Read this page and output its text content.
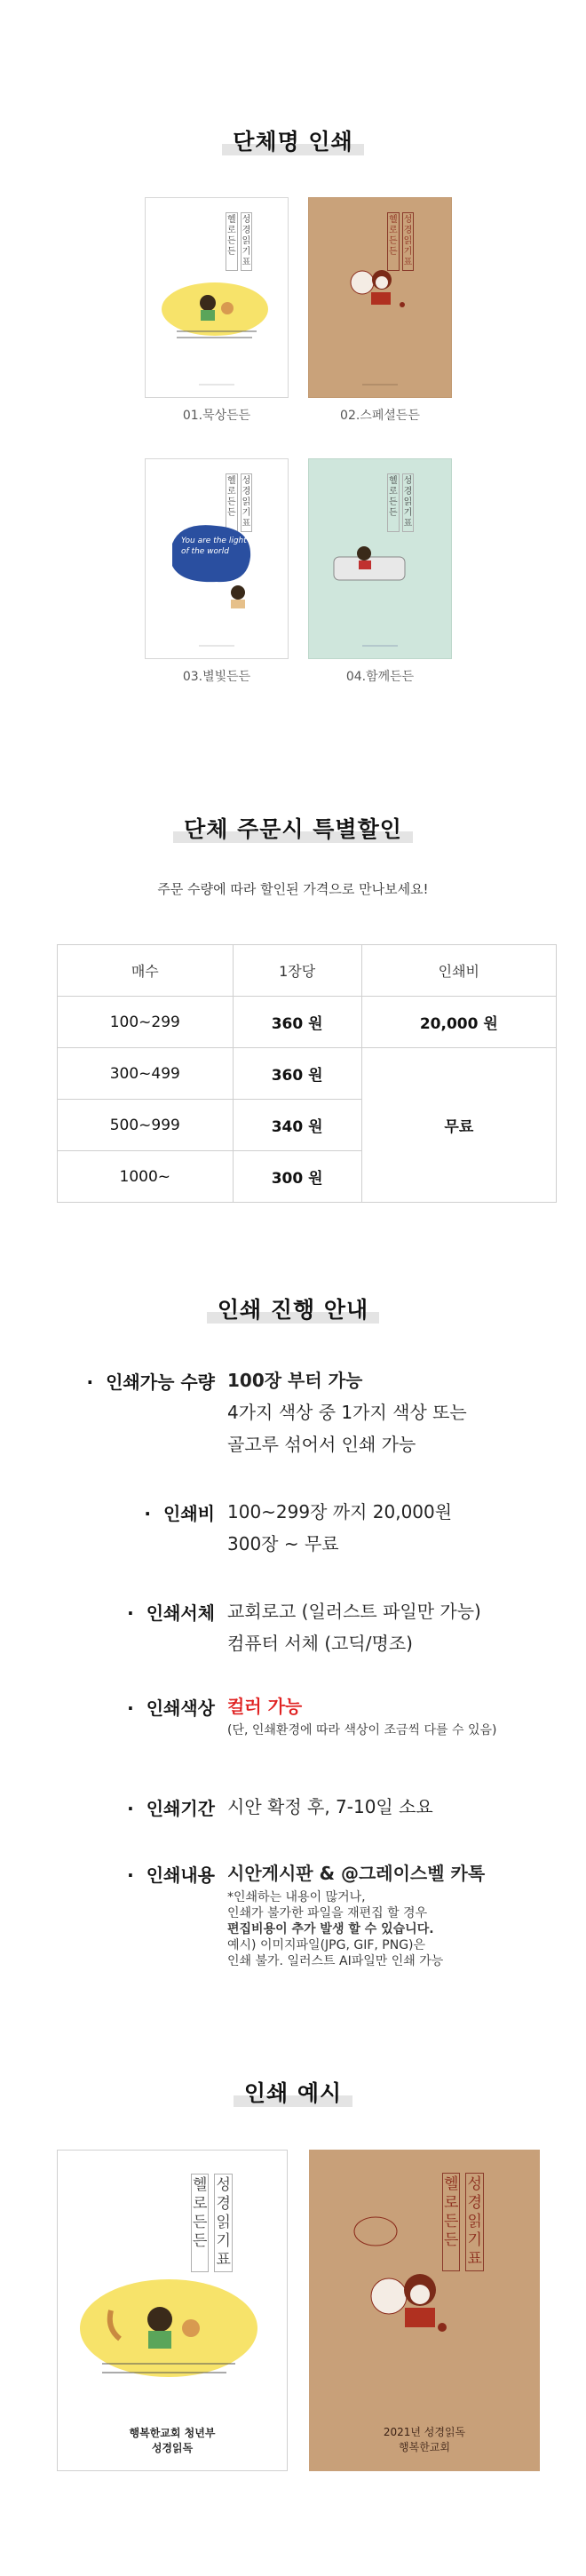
단체명 인쇄
헬
로
든
든
성
경
읽
기
표
01.묵상든든
헬
로
든
든
성
경
읽
기
표
02.스페셜든든
헬
로
든
든
성
경
읽
기
표
You are the light of the world
03.별빛든든
헬
로
든
든
성
경
읽
기
표
04.함께든든
단체 주문시 특별할인
주문 수량에 따라 할인된 가격으로 만나보세요!
매수	1장당	인쇄비
100~299	360 원	20,000 원
300~499	360 원	무료
500~999	340 원	
1000~	300 원	
인쇄 진행 안내
· 인쇄가능 수량 100장 부터 가능
4가지 색상 중 1가지 색상 또는
골고루 섞어서 인쇄 가능
· 인쇄비 100~299장 까지 20,000원
300장 ~ 무료
· 인쇄서체 교회로고 (일러스트 파일만 가능)
컴퓨터 서체 (고딕/명조)
· 인쇄색상 컬러 가능
(단, 인쇄환경에 따라 색상이 조금씩 다를 수 있음)
· 인쇄기간 시안 확정 후, 7-10일 소요
· 인쇄내용 시안게시판 & @그레이스벨 카톡
*인쇄하는 내용이 많거나,
인쇄가 불가한 파일을 재편집 할 경우
편집비용이 추가 발생 할 수 있습니다.
예시) 이미지파일(JPG, GIF, PNG)은
인쇄 불가. 일러스트 AI파일만 인쇄 가능
인쇄 예시
헬
로
든
든
성
경
읽
기
표
행복한교회 청년부
성경읽독
헬
로
든
든
성
경
읽
기
표
2021년 성경읽독
행복한교회
